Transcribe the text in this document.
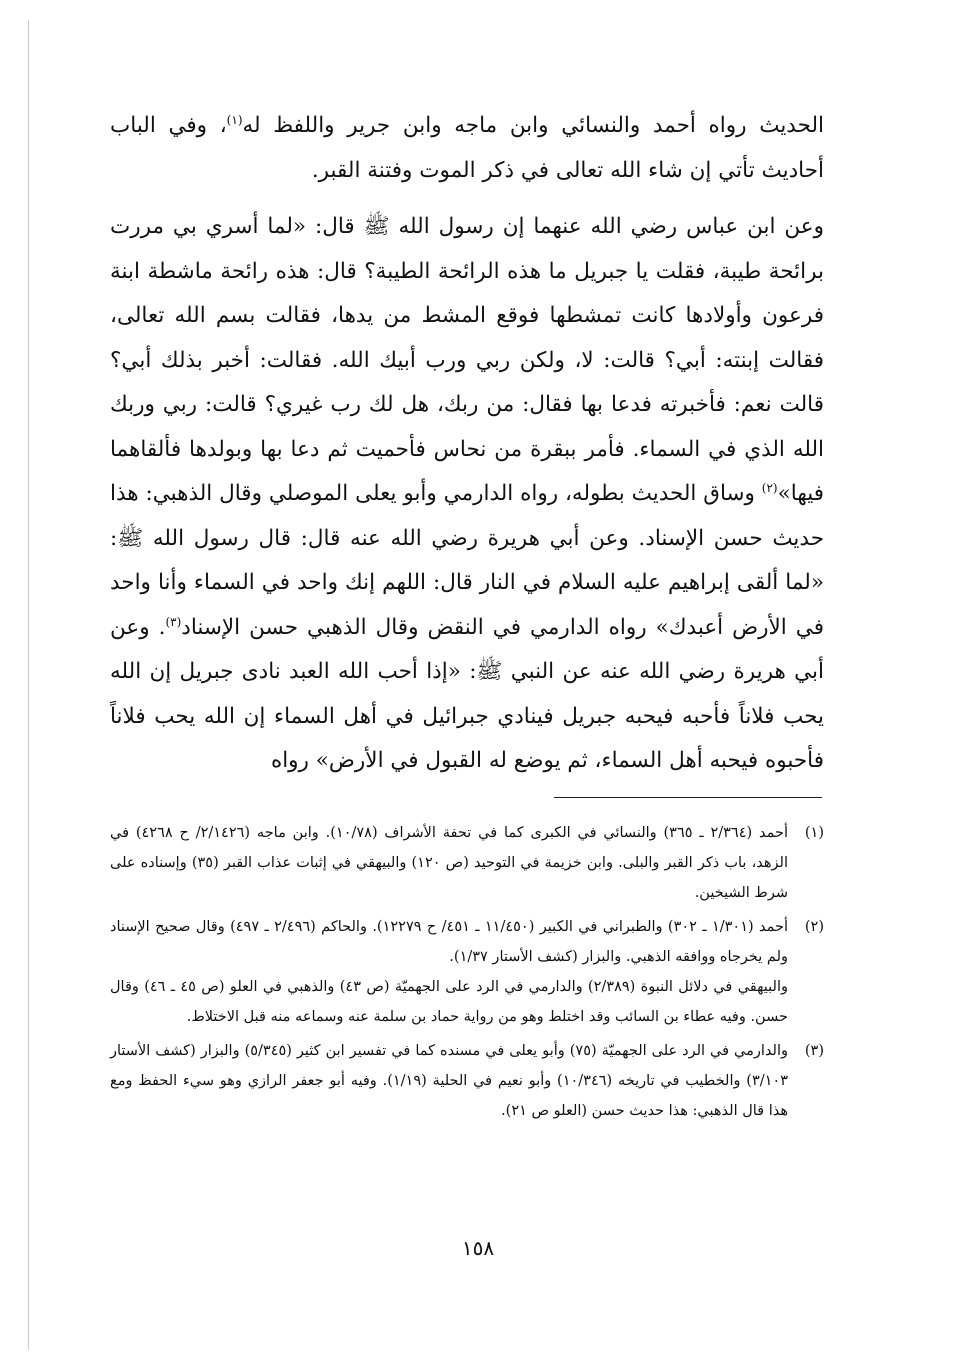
الحديث رواه أحمد والنسائي وابن ماجه وابن جرير واللفظ له$^{(١)}$، وفي الباب أحاديث تأتي إن شاء الله تعالى في ذكر الموت وفتنة القبر.

وعن ابن عباس رضي الله عنهما إن رسول الله ﷺ قال: «لما أسري بي مررت برائحة طيبة، فقلت يا جبريل ما هذه الرائحة الطيبة؟ قال: هذه رائحة ماشطة ابنة فرعون وأولادها كانت تمشطها فوقع المشط من يدها، فقالت بسم الله تعالى، فقالت إبنته: أبي؟ قالت: لا، ولكن ربي ورب أبيك الله. فقالت: أخبر بذلك أبي؟ قالت نعم: فأخبرته فدعا بها فقال: من ربك، هل لك رب غيري؟ قالت: ربي وربك الله الذي في السماء. فأمر ببقرة من نحاس فأحميت ثم دعا بها وبولدها فألقاهما فيها»$^{(٢)}$ وساق الحديث بطوله، رواه الدارمي وأبو يعلى الموصلي وقال الذهبي: هذا حديث حسن الإسناد. وعن أبي هريرة رضي الله عنه قال: قال رسول الله ﷺ: «لما ألقى إبراهيم عليه السلام في النار قال: اللهم إنك واحد في السماء وأنا واحد في الأرض أعبدك» رواه الدارمي في النقض وقال الذهبي حسن الإسناد$^{(٣)}$. وعن أبي هريرة رضي الله عنه عن النبي ﷺ: «إذا أحب الله العبد نادى جبريل إن الله يحب فلاناً فأحبه فيحبه جبريل فينادي جبرائيل في أهل السماء إن الله يحب فلاناً فأحبوه فيحبه أهل السماء، ثم يوضع له القبول في الأرض» رواه

(١)

أحمد (٢/٣٦٤ ـ ٣٦٥) والنسائي في الكبرى كما في تحفة الأشراف (١٠/٧٨). وابن ماجه (٢/١٤٢٦/ ح ٤٢٦٨) في الزهد، باب ذكر القبر والبلى. وابن خزيمة في التوحيد (ص ١٢٠) والبيهقي في إثبات عذاب القبر (٣٥) وإسناده على شرط الشيخين.

(٢)

أحمد (١/٣٠١ ـ ٣٠٢) والطبراني في الكبير (١١/٤٥٠ ـ ٤٥١/ ح ١٢٢٧٩). والحاكم (٢/٤٩٦ ـ ٤٩٧) وقال صحيح الإسناد ولم يخرجاه ووافقه الذهبي. والبزار (كشف الأستار ١/٣٧).

والبيهقي في دلائل النبوة (٢/٣٨٩) والدارمي في الرد على الجهميّة (ص ٤٣) والذهبي في العلو (ص ٤٥ ـ ٤٦) وقال حسن. وفيه عطاء بن السائب وقد اختلط وهو من رواية حماد بن سلمة عنه وسماعه منه قبل الاختلاط.

(٣)

والدارمي في الرد على الجهميّة (٧٥) وأبو يعلى في مسنده كما في تفسير ابن كثير (٥/٣٤٥) والبزار (كشف الأستار ٣/١٠٣) والخطيب في تاريخه (١٠/٣٤٦) وأبو نعيم في الحلية (١/١٩). وفيه أبو جعفر الرازي وهو سيء الحفظ ومع هذا قال الذهبي: هذا حديث حسن (العلو ص ٢١).

١٥٨
